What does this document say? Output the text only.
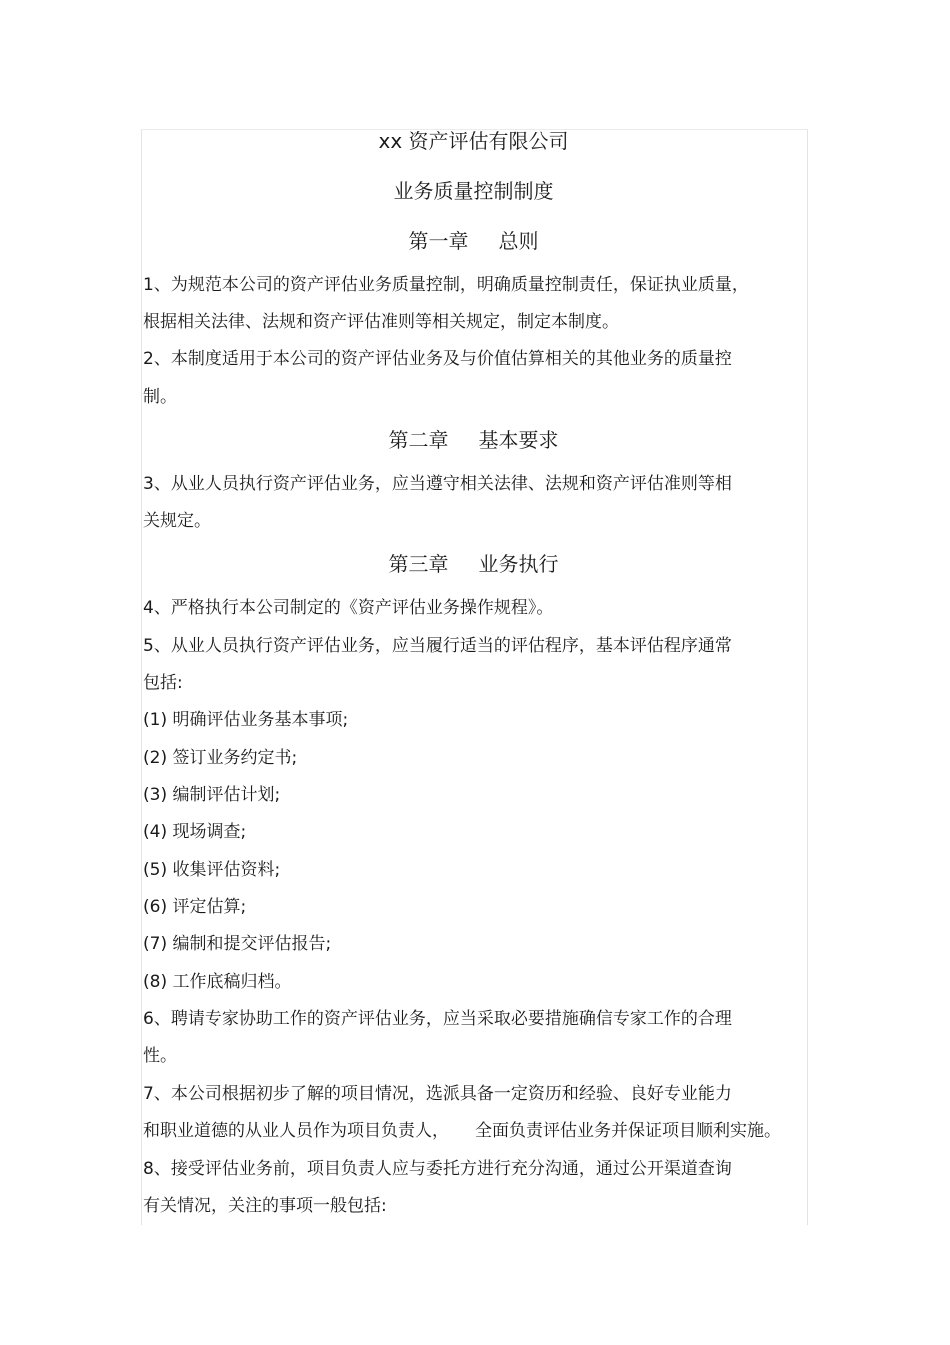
xx 资产评估有限公司
业务质量控制制度
第一章 总则
1、为规范本公司的资产评估业务质量控制，明确质量控制责任，保证执业质量，
根据相关法律、法规和资产评估准则等相关规定，制定本制度。
2、本制度适用于本公司的资产评估业务及与价值估算相关的其他业务的质量控
制。
第二章 基本要求
3、从业人员执行资产评估业务，应当遵守相关法律、法规和资产评估准则等相
关规定。
第三章 业务执行
4、严格执行本公司制定的《资产评估业务操作规程》。
5、从业人员执行资产评估业务，应当履行适当的评估程序，基本评估程序通常
包括:
(1) 明确评估业务基本事项;
(2) 签订业务约定书;
(3) 编制评估计划;
(4) 现场调查;
(5) 收集评估资料;
(6) 评定估算;
(7) 编制和提交评估报告;
(8) 工作底稿归档。
6、聘请专家协助工作的资产评估业务，应当采取必要措施确信专家工作的合理
性。
7、本公司根据初步了解的项目情况，选派具备一定资历和经验、良好专业能力
和职业道德的从业人员作为项目负责人， 全面负责评估业务并保证项目顺利实施。
8、接受评估业务前，项目负责人应与委托方进行充分沟通，通过公开渠道查询
有关情况，关注的事项一般包括:
